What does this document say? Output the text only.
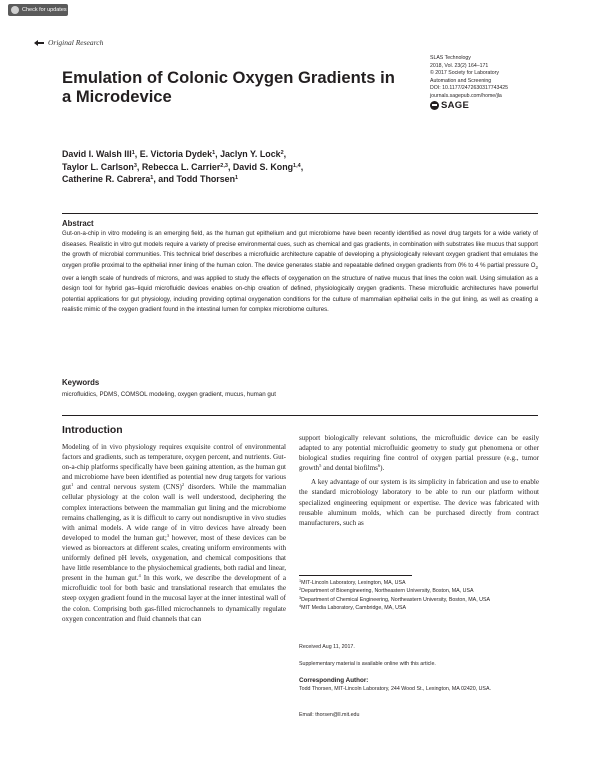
Check for updates
Original Research
Emulation of Colonic Oxygen Gradients in a Microdevice
SLAS Technology
2018, Vol. 23(2) 164–171
© 2017 Society for Laboratory
Automation and Screening
DOI: 10.1177/2472630317743425
journals.sagepub.com/home/jla
SAGE

David I. Walsh III$^1$, E. Victoria Dydek$^1$, Jaclyn Y. Lock$^2$,

Taylor L. Carlson$^3$, Rebecca L. Carrier$^{2,3}$, David S. Kong$^{1,4}$,

Catherine R. Cabrera$^1$, and Todd Thorsen$^1$

Abstract
Gut-on-a-chip in vitro modeling is an emerging field, as the human gut epithelium and gut microbiome have been recently identified as novel drug targets for a wide variety of diseases. Realistic in vitro gut models require a variety of precise environmental cues, such as chemical and gas gradients, in combination with substrates like mucus that support the growth of microbial communities. This technical brief describes a microfluidic architecture capable of developing a physiologically relevant oxygen gradient that emulates the oxygen profile proximal to the epithelial inner lining of the human colon. The device generates stable and repeatable defined oxygen gradients from 0% to 4 % partial pressure $O_2$ over a length scale of hundreds of microns, and was applied to study the effects of oxygenation on the structure of native mucus that lines the colon wall. Using simulation as a design tool for hybrid gas–liquid microfluidic devices enables on-chip creation of defined, physiologically oxygen gradients. These microfluidic architectures have powerful potential applications for gut physiology, including providing optimal oxygenation conditions for the culture of mammalian epithelial cells in the gut lining, as well as creating a realistic mimic of the oxygen gradient found in the intestinal lumen for complex microbiome cultures.
Keywords
microfluidics, PDMS, COMSOL modeling, oxygen gradient, mucus, human gut
Introduction

Modeling of in vivo physiology requires exquisite control of environmental factors and gradients, such as temperature, oxygen percent, and nutrients. Gut-on-a-chip platforms specifically have been gaining attention, as the human gut and microbiome have been identified as potential new drug targets for various gut$^1$ and central nervous system (CNS)$^2$ disorders. While the mammalian cellular physiology at the colon wall is well understood, deciphering the complex interactions between the mammalian gut lining and the microbiome remains challenging, as it is difficult to carry out nondisruptive in vivo studies with animal models. A wide range of in vitro devices have already been developed to model the human gut;$^3$ however, most of these devices can be viewed as bioreactors at different scales, creating uniform environments with uniformly defined pH levels, oxygenation, and chemical compositions that have little resemblance to the physiochemical gradients, both radial and linear, present in the human gut.$^4$ In this work, we describe the development of a microfluidic tool for both basic and translational research that emulates the steep oxygen gradient found in the mucosal layer at the inner intestinal wall of the colon. Comprising both gas-filled microchannels to dynamically regulate oxygen concentration and fluid channels that can

support biologically relevant solutions, the microfluidic device can be easily adapted to any potential microfluidic geometry to study gut phenomena or other biological studies requiring fine control of oxygen partial pressure (e.g., tumor growth$^5$ and dental biofilms$^6$).

A key advantage of our system is its simplicity in fabrication and use to enable the standard microbiology laboratory to be able to run our platform without specialized engineering equipment or expertise. The device was fabricated with reusable aluminum molds, which can be purchased directly from contract manufacturers, such as

$^1$MIT-Lincoln Laboratory, Lexington, MA, USA

$^2$Department of Bioengineering, Northeastern University, Boston, MA, USA

$^3$Department of Chemical Engineering, Northeastern University, Boston, MA, USA

$^4$MIT Media Laboratory, Cambridge, MA, USA

Received Aug 11, 2017.
Supplementary material is available online with this article.
Corresponding Author:
Todd Thorsen, MIT-Lincoln Laboratory, 244 Wood St., Lexington, MA 02420, USA.
Email: thorsen@ll.mit.edu
